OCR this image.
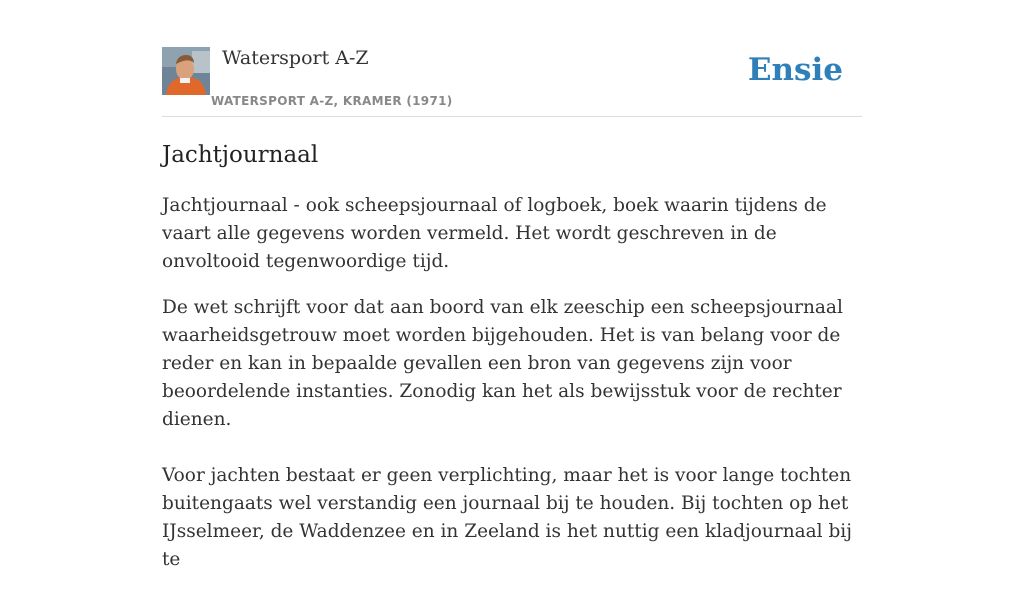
Watersport A-Z
WATERSPORT A-Z, KRAMER (1971)
Ensie
Jachtjournaal

Jachtjournaal - ook scheepsjournaal of logboek, boek waarin tijdens de vaart alle gegevens worden vermeld. Het wordt geschreven in de onvoltooid tegenwoordige tijd.

De wet schrijft voor dat aan boord van elk zeeschip een scheepsjournaal waarheidsgetrouw moet worden bijgehouden. Het is van belang voor de reder en kan in bepaalde gevallen een bron van gegevens zijn voor beoordelende instanties. Zonodig kan het als bewijsstuk voor de rechter dienen.

Voor jachten bestaat er geen verplichting, maar het is voor lange tochten buitengaats wel verstandig een journaal bij te houden. Bij tochten op het IJsselmeer, de Waddenzee en in Zeeland is het nuttig een kladjournaal bij te
